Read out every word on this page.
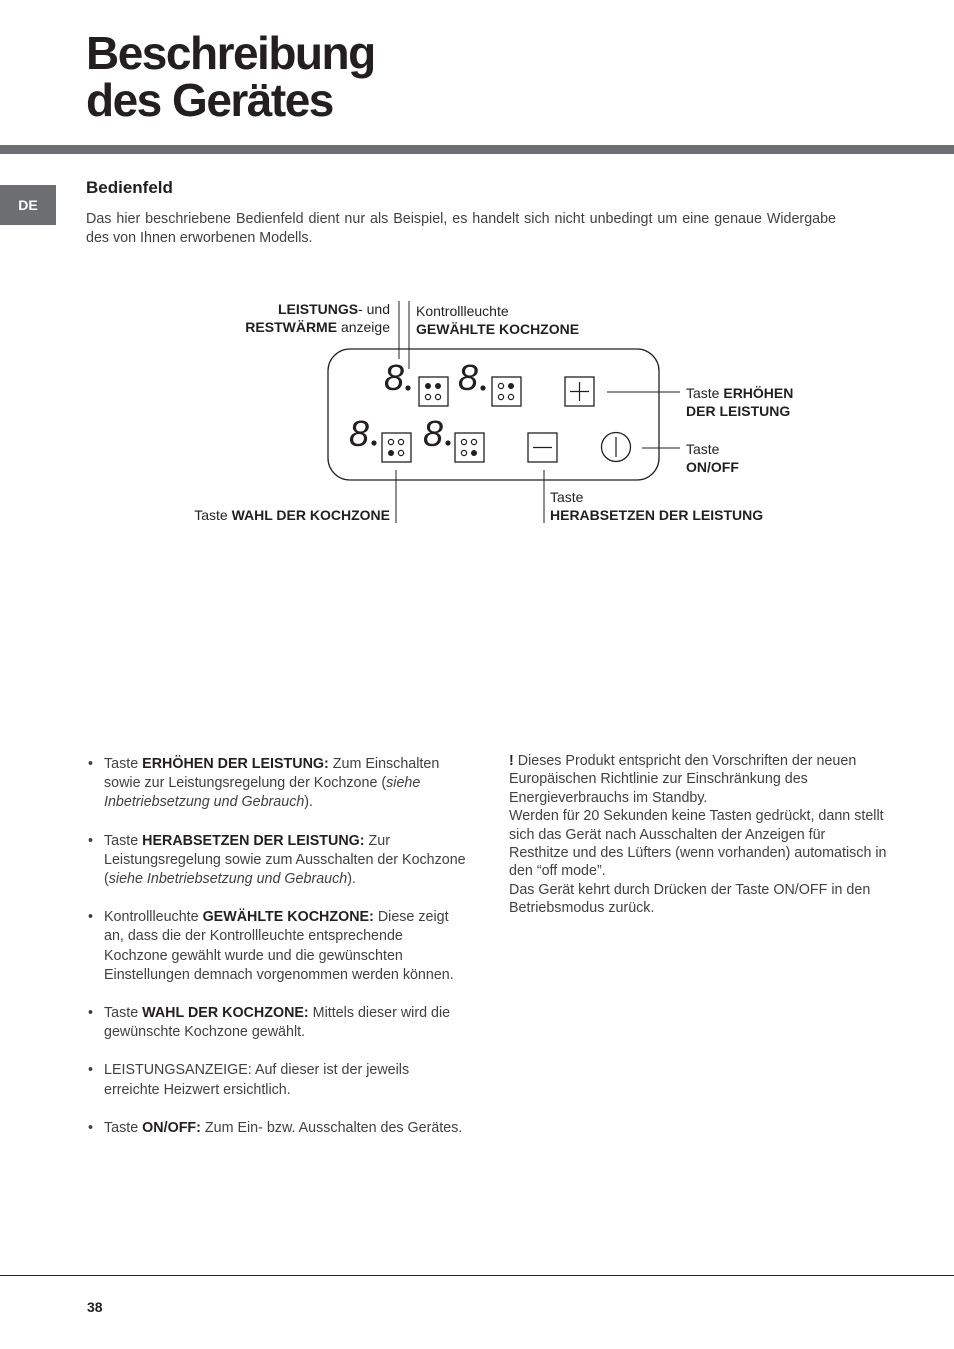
Beschreibung
des Gerätes
DE
Bedienfeld

Das hier beschriebene Bedienfeld dient nur als Beispiel, es handelt sich nicht unbedingt um eine genaue Widergabe des von Ihnen erworbenen Modells.

8 8
8 8
LEISTUNGS- und
RESTWÄRME anzeige
Kontrollleuchte
GEWÄHLTE KOCHZONE
Taste ERHÖHEN
DER LEISTUNG
Taste
ON/OFF
Taste WAHL DER KOCHZONE
Taste
HERABSETZEN DER LEISTUNG
• Taste ERHÖHEN DER LEISTUNG: Zum Einschalten sowie zur Leistungsregelung der Kochzone (siehe Inbetriebsetzung und Gebrauch).
• Taste HERABSETZEN DER LEISTUNG: Zur Leistungsregelung sowie zum Ausschalten der Kochzone (siehe Inbetriebsetzung und Gebrauch).
• Kontrollleuchte GEWÄHLTE KOCHZONE: Diese zeigt an, dass die der Kontrollleuchte entsprechende Kochzone gewählt wurde und die gewünschten Einstellungen demnach vorgenommen werden können.
• Taste WAHL DER KOCHZONE: Mittels dieser wird die gewünschte Kochzone gewählt.
• LEISTUNGSANZEIGE: Auf dieser ist der jeweils erreichte Heizwert ersichtlich.
• Taste ON/OFF: Zum Ein- bzw. Ausschalten des Gerätes.

! Dieses Produkt entspricht den Vorschriften der neuen Europäischen Richtlinie zur Einschränkung des Energieverbrauchs im Standby.

Werden für 20 Sekunden keine Tasten gedrückt, dann stellt sich das Gerät nach Ausschalten der Anzeigen für Resthitze und des Lüfters (wenn vorhanden) automatisch in den “off mode”.

Das Gerät kehrt durch Drücken der Taste ON/OFF in den Betriebsmodus zurück.

38
